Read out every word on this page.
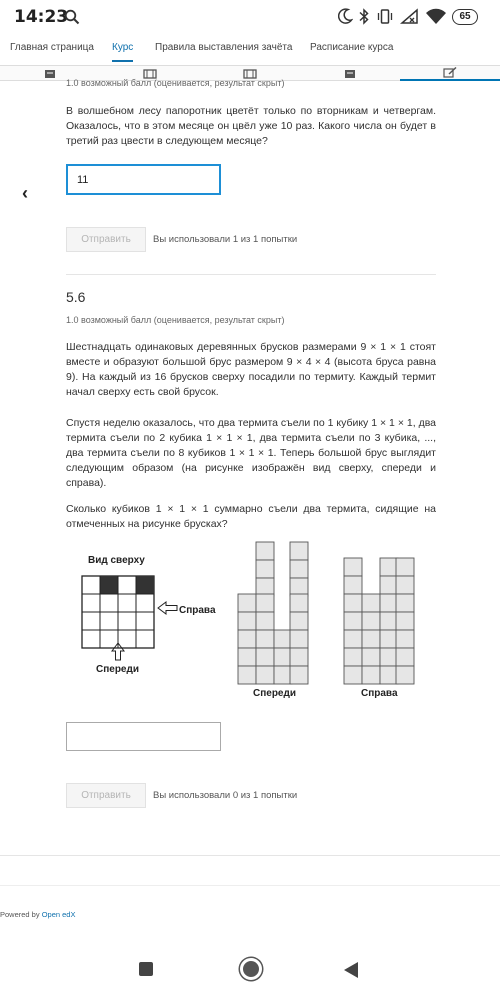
14:23	65
Главная страница Курс Правила выставления зачёта Расписание курса
1.0 возможный балл (оценивается, результат скрыт)
В волшебном лесу папоротник цветёт только по вторникам и четвергам. Оказалось, что в этом месяце он цвёл уже 10 раз. Какого числа он будет в третий раз цвести в следующем месяце?
‹
11
Отправить	Вы использовали 1 из 1 попытки
5.6
1.0 возможный балл (оценивается, результат скрыт)
Шестнадцать одинаковых деревянных брусков размерами 9 × 1 × 1 стоят вместе и образуют большой брус размером 9 × 4 × 4 (высота бруса равна 9). На каждый из 16 брусков сверху посадили по термиту. Каждый термит начал сверху есть свой брусок.
Спустя неделю оказалось, что два термита съели по 1 кубику 1 × 1 × 1, два термита съели по 2 кубика 1 × 1 × 1, два термита съели по 3 кубика, ..., два термита съели по 8 кубиков 1 × 1 × 1. Теперь большой брус выглядит следующим образом (на рисунке изображён вид сверху, спереди и справа).
Сколько кубиков 1 × 1 × 1 суммарно съели два термита, сидящие на отмеченных на рисунке брусках?
Вид сверху
Справа
Спереди
Спереди	Справа
Отправить	Вы использовали 0 из 1 попытки
Powered by Open edX
